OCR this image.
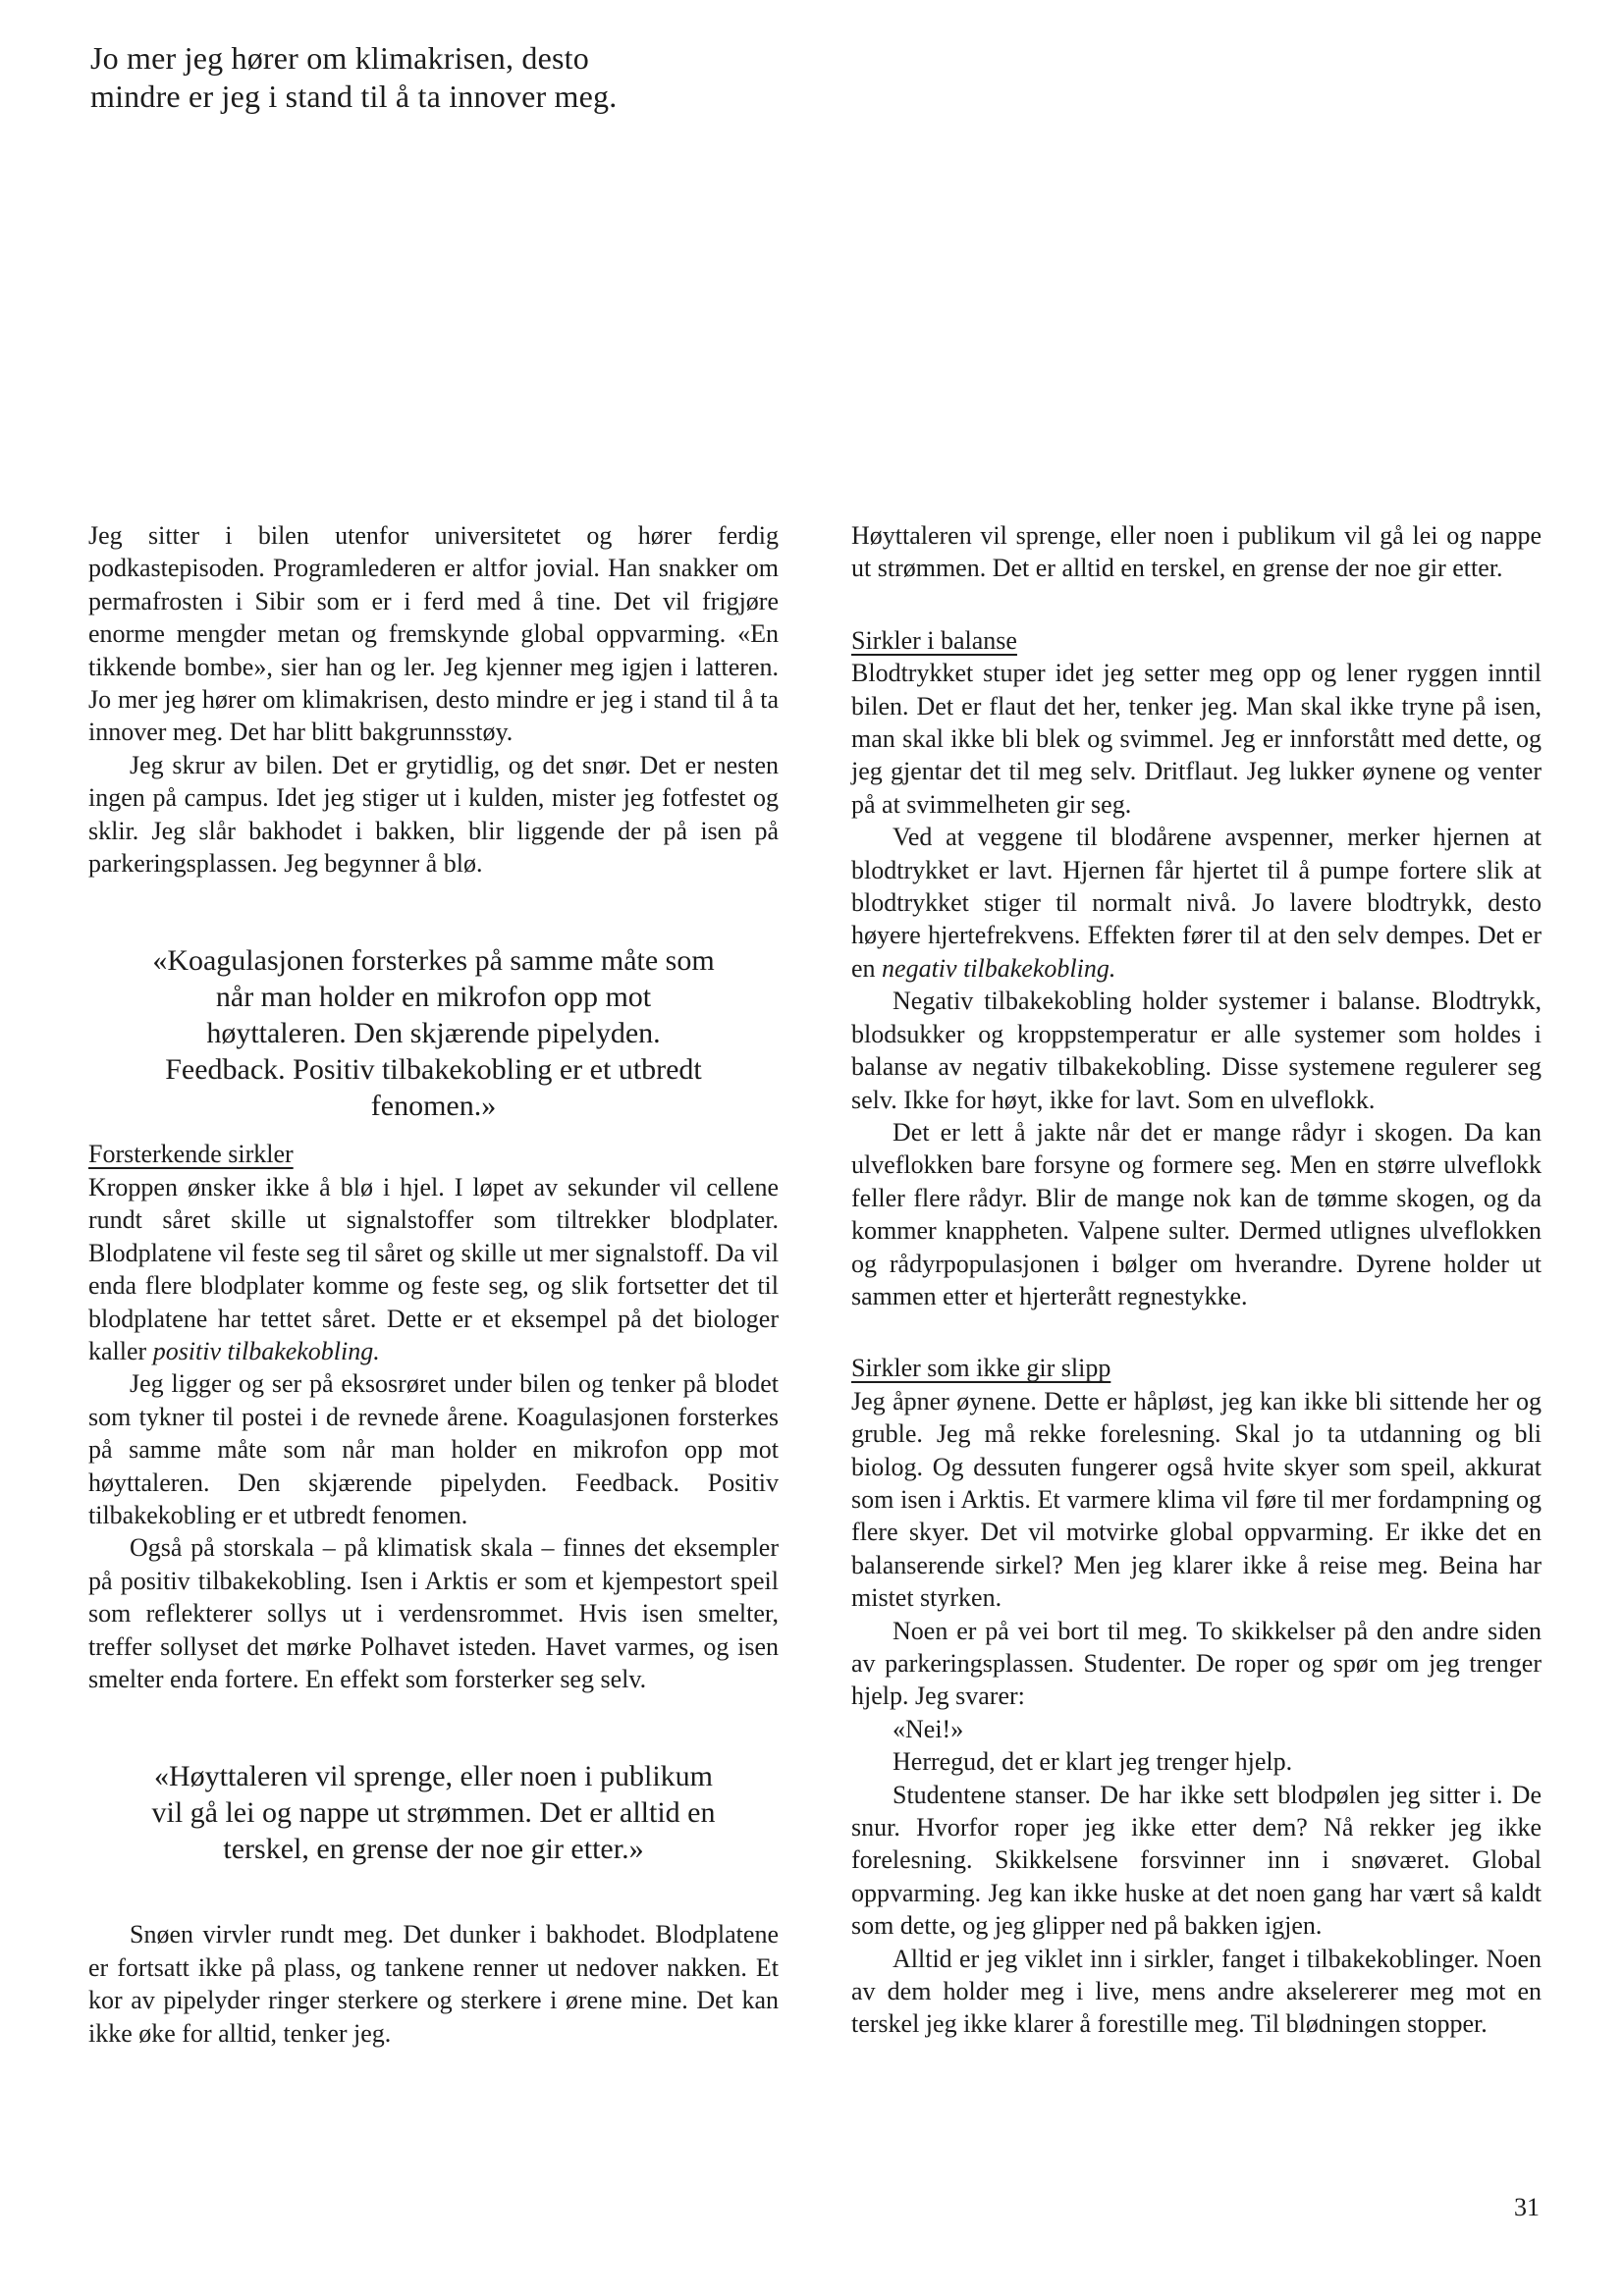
Jo mer jeg hører om klimakrisen, desto
mindre er jeg i stand til å ta innover meg.

Jeg sitter i bilen utenfor universitetet og hører ferdig podkastepisoden. Programlederen er altfor jovial. Han snakker om permafrosten i Sibir som er i ferd med å tine. Det vil frigjøre enorme mengder metan og fremskynde global oppvarming. «En tikkende bombe», sier han og ler. Jeg kjenner meg igjen i latteren. Jo mer jeg hører om klimakrisen, desto mindre er jeg i stand til å ta innover meg. Det har blitt bakgrunnsstøy.

Jeg skrur av bilen. Det er grytidlig, og det snør. Det er nesten ingen på campus. Idet jeg stiger ut i kulden, mister jeg fotfestet og sklir. Jeg slår bakhodet i bakken, blir liggende der på isen på parkeringsplassen. Jeg begynner å blø.

«Koagulasjonen forsterkes på samme måte som
når man holder en mikrofon opp mot
høyttaleren. Den skjærende pipelyden.
Feedback. Positiv tilbakekobling er et utbredt
fenomen.»
Forsterkende sirkler

Kroppen ønsker ikke å blø i hjel. I løpet av sekunder vil cellene rundt såret skille ut signalstoffer som tiltrekker blodplater. Blodplatene vil feste seg til såret og skille ut mer signalstoff. Da vil enda flere blodplater komme og feste seg, og slik fortsetter det til blodplatene har tettet såret. Dette er et eksempel på det biologer kaller positiv tilbakekobling.

Jeg ligger og ser på eksosrøret under bilen og tenker på blodet som tykner til postei i de revnede årene. Koagulasjonen forsterkes på samme måte som når man holder en mikrofon opp mot høyttaleren. Den skjærende pipelyden. Feedback. Positiv tilbakekobling er et utbredt fenomen.

Også på storskala – på klimatisk skala – finnes det eksempler på positiv tilbakekobling. Isen i Arktis er som et kjempestort speil som reflekterer sollys ut i verdensrommet. Hvis isen smelter, treffer sollyset det mørke Polhavet isteden. Havet varmes, og isen smelter enda fortere. En effekt som forsterker seg selv.

«Høyttaleren vil sprenge, eller noen i publikum
vil gå lei og nappe ut strømmen. Det er alltid en
terskel, en grense der noe gir etter.»

Snøen virvler rundt meg. Det dunker i bakhodet. Blodplatene er fortsatt ikke på plass, og tankene renner ut nedover nakken. Et kor av pipelyder ringer sterkere og sterkere i ørene mine. Det kan ikke øke for alltid, tenker jeg.

Høyttaleren vil sprenge, eller noen i publikum vil gå lei og nappe ut strømmen. Det er alltid en terskel, en grense der noe gir etter.

Sirkler i balanse

Blodtrykket stuper idet jeg setter meg opp og lener ryggen inntil bilen. Det er flaut det her, tenker jeg. Man skal ikke tryne på isen, man skal ikke bli blek og svimmel. Jeg er innforstått med dette, og jeg gjentar det til meg selv. Dritflaut. Jeg lukker øynene og venter på at svimmelheten gir seg.

Ved at veggene til blodårene avspenner, merker hjernen at blodtrykket er lavt. Hjernen får hjertet til å pumpe fortere slik at blodtrykket stiger til normalt nivå. Jo lavere blodtrykk, desto høyere hjertefrekvens. Effekten fører til at den selv dempes. Det er en negativ tilbakekobling.

Negativ tilbakekobling holder systemer i balanse. Blodtrykk, blodsukker og kroppstemperatur er alle systemer som holdes i balanse av negativ tilbakekobling. Disse systemene regulerer seg selv. Ikke for høyt, ikke for lavt. Som en ulveflokk.

Det er lett å jakte når det er mange rådyr i skogen. Da kan ulveflokken bare forsyne og formere seg. Men en større ulveflokk feller flere rådyr. Blir de mange nok kan de tømme skogen, og da kommer knappheten. Valpene sulter. Dermed utlignes ulveflokken og rådyrpopulasjonen i bølger om hverandre. Dyrene holder ut sammen etter et hjerterått regnestykke.

Sirkler som ikke gir slipp

Jeg åpner øynene. Dette er håpløst, jeg kan ikke bli sittende her og gruble. Jeg må rekke forelesning. Skal jo ta utdanning og bli biolog. Og dessuten fungerer også hvite skyer som speil, akkurat som isen i Arktis. Et varmere klima vil føre til mer fordampning og flere skyer. Det vil motvirke global oppvarming. Er ikke det en balanserende sirkel? Men jeg klarer ikke å reise meg. Beina har mistet styrken.

Noen er på vei bort til meg. To skikkelser på den andre siden av parkeringsplassen. Studenter. De roper og spør om jeg trenger hjelp. Jeg svarer:

«Nei!»

Herregud, det er klart jeg trenger hjelp.

Studentene stanser. De har ikke sett blodpølen jeg sitter i. De snur. Hvorfor roper jeg ikke etter dem? Nå rekker jeg ikke forelesning. Skikkelsene forsvinner inn i snøværet. Global oppvarming. Jeg kan ikke huske at det noen gang har vært så kaldt som dette, og jeg glipper ned på bakken igjen.

Alltid er jeg viklet inn i sirkler, fanget i tilbakekoblinger. Noen av dem holder meg i live, mens andre akselererer meg mot en terskel jeg ikke klarer å forestille meg. Til blødningen stopper.

31
